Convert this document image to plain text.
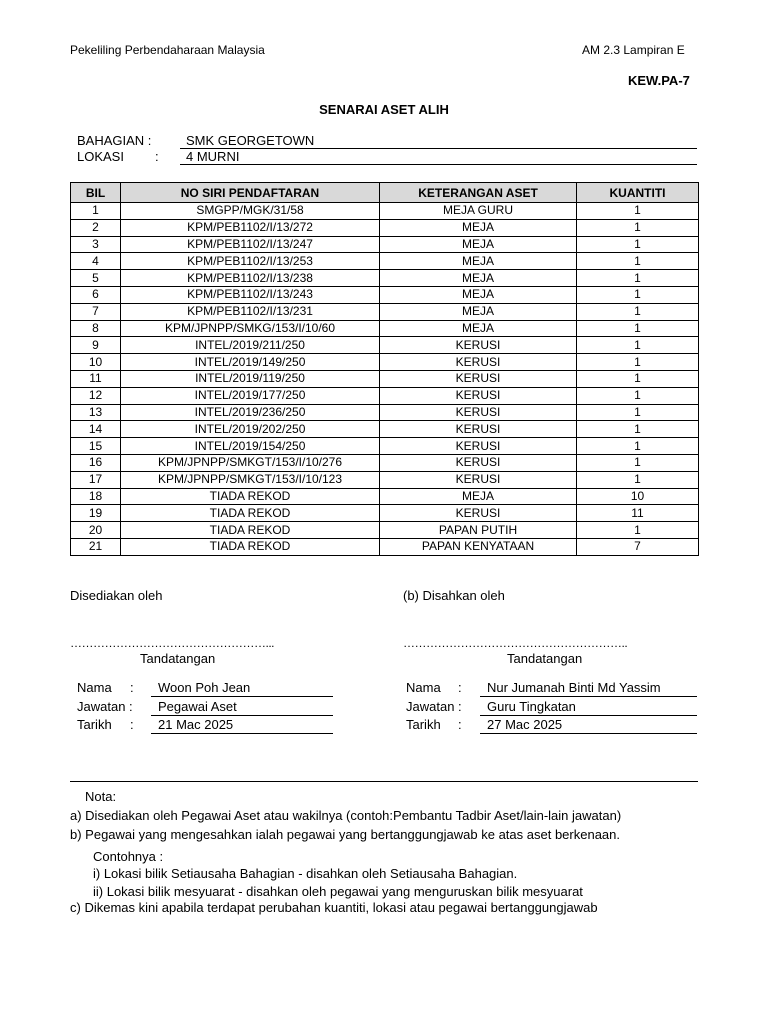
Pekeliling Perbendaharaan Malaysia	AM 2.3 Lampiran E
KEW.PA-7
SENARAI ASET ALIH
BAHAGIAN :	SMK GEORGETOWN
LOKASI :	4 MURNI
BIL	NO SIRI PENDAFTARAN	KETERANGAN ASET	KUANTITI
1	SMGPP/MGK/31/58	MEJA GURU	1
2	KPM/PEB1102/I/13/272	MEJA	1
3	KPM/PEB1102/I/13/247	MEJA	1
4	KPM/PEB1102/I/13/253	MEJA	1
5	KPM/PEB1102/I/13/238	MEJA	1
6	KPM/PEB1102/I/13/243	MEJA	1
7	KPM/PEB1102/I/13/231	MEJA	1
8	KPM/JPNPP/SMKG/153/I/10/60	MEJA	1
9	INTEL/2019/211/250	KERUSI	1
10	INTEL/2019/149/250	KERUSI	1
11	INTEL/2019/119/250	KERUSI	1
12	INTEL/2019/177/250	KERUSI	1
13	INTEL/2019/236/250	KERUSI	1
14	INTEL/2019/202/250	KERUSI	1
15	INTEL/2019/154/250	KERUSI	1
16	KPM/JPNPP/SMKGT/153/I/10/276	KERUSI	1
17	KPM/JPNPP/SMKGT/153/I/10/123	KERUSI	1
18	TIADA REKOD	MEJA	10
19	TIADA REKOD	KERUSI	11
20	TIADA REKOD	PAPAN PUTIH	1
21	TIADA REKOD	PAPAN KENYATAAN	7
Disediakan oleh	(b) Disahkan oleh
……………………………………………...	…………………………………………………..
Tandatangan	Tandatangan
Nama :	Woon Poh Jean
Jawatan :	Pegawai Aset
Tarikh :	21 Mac 2025
Nama :	Nur Jumanah Binti Md Yassim
Jawatan :	Guru Tingkatan
Tarikh :	27 Mac 2025
Nota:
a) Disediakan oleh Pegawai Aset atau wakilnya (contoh:Pembantu Tadbir Aset/lain-lain jawatan)
b) Pegawai yang mengesahkan ialah pegawai yang bertanggungjawab ke atas aset berkenaan.
Contohnya :
i) Lokasi bilik Setiausaha Bahagian - disahkan oleh Setiausaha Bahagian.
ii) Lokasi bilik mesyuarat - disahkan oleh pegawai yang menguruskan bilik mesyuarat
c) Dikemas kini apabila terdapat perubahan kuantiti, lokasi atau pegawai bertanggungjawab
